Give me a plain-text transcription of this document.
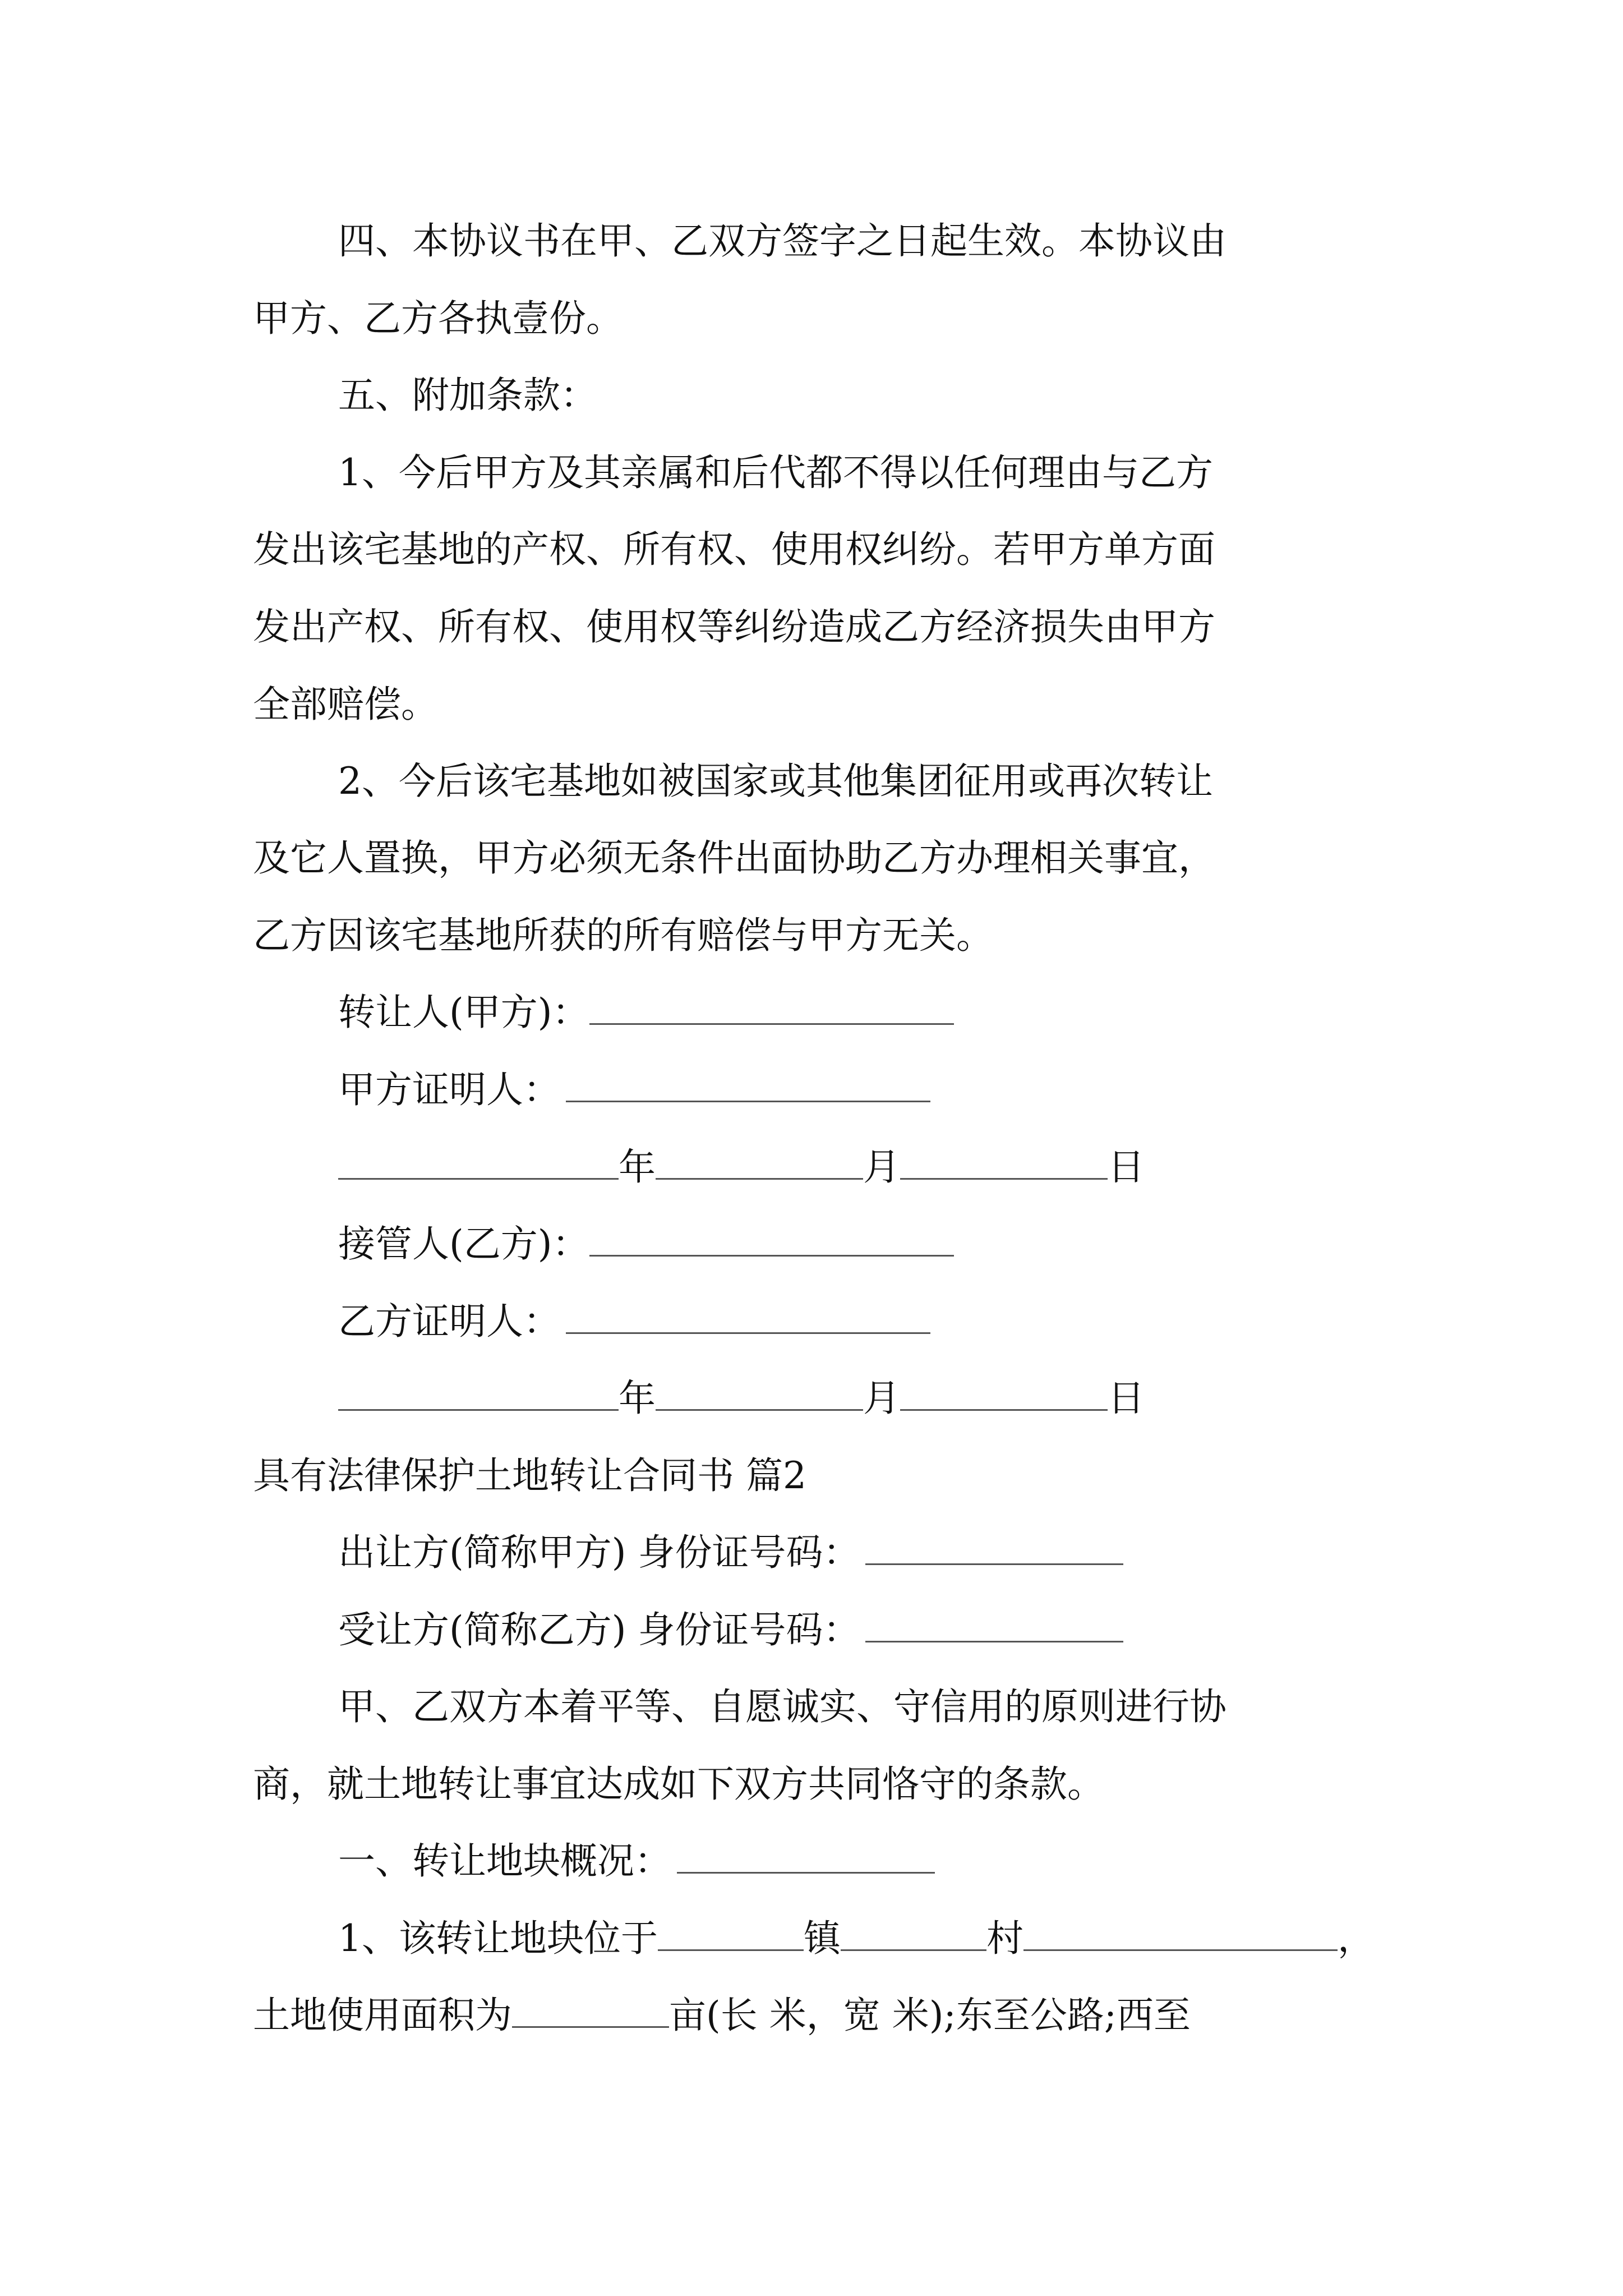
四、本协议书在甲、乙双方签字之日起生效。本协议由
甲方、乙方各执壹份。
五、附加条款：
1、今后甲方及其亲属和后代都不得以任何理由与乙方
发出该宅基地的产权、所有权、使用权纠纷。若甲方单方面
发出产权、所有权、使用权等纠纷造成乙方经济损失由甲方
全部赔偿。
2、今后该宅基地如被国家或其他集团征用或再次转让
及它人置换，甲方必须无条件出面协助乙方办理相关事宜，
乙方因该宅基地所获的所有赔偿与甲方无关。
转让人(甲方)：
甲方证明人：
年	月	日
接管人(乙方)：
乙方证明人：
年	月	日
具有法律保护土地转让合同书 篇2
出让方(简称甲方) 身份证号码：
受让方(简称乙方) 身份证号码：
甲、乙双方本着平等、自愿诚实、守信用的原则进行协
商，就土地转让事宜达成如下双方共同恪守的条款。
一、转让地块概况：
1、该转让地块位于	镇	村	，
土地使用面积为	亩(长 米，宽 米);东至公路;西至
